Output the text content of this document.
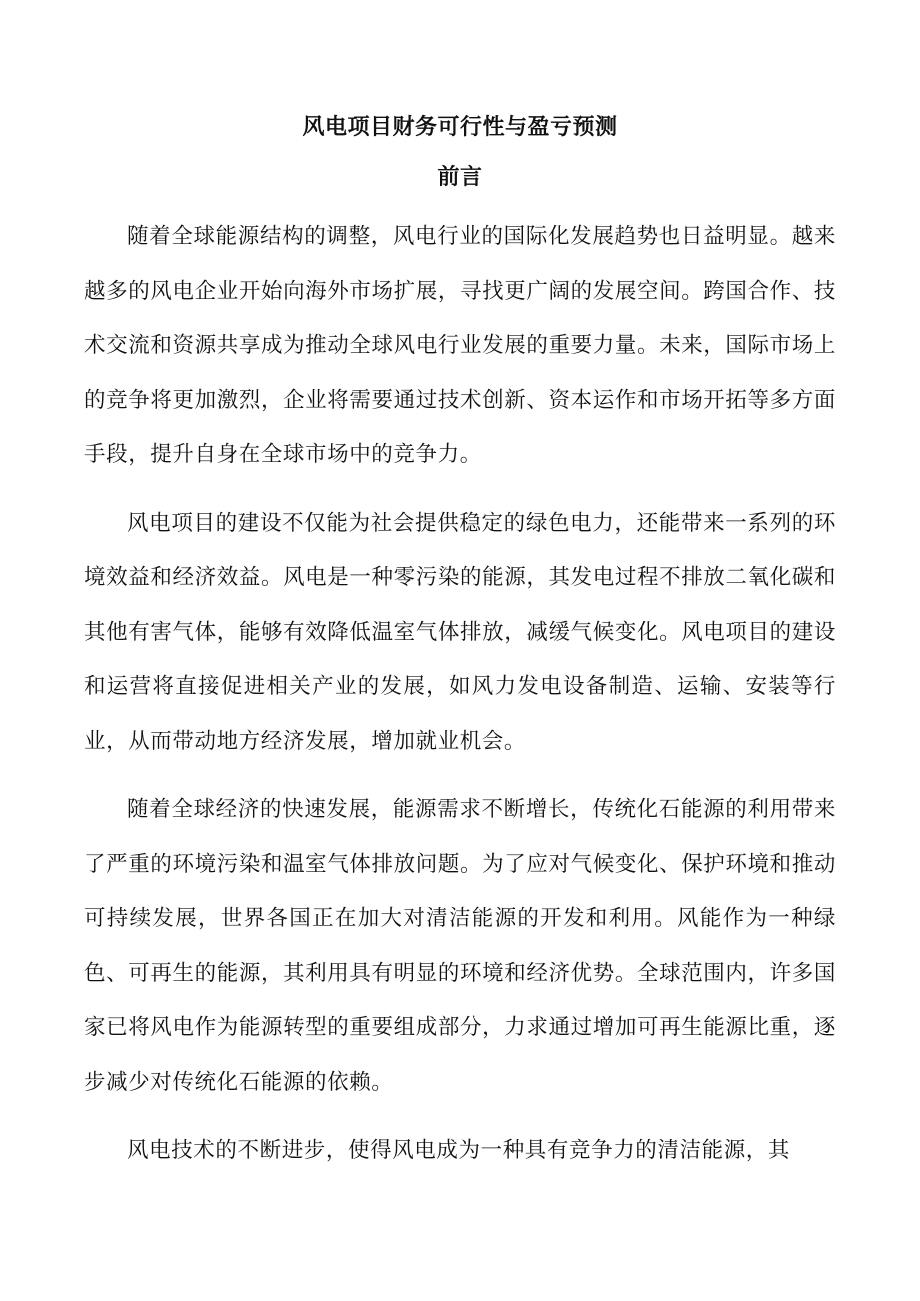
风电项目财务可行性与盈亏预测
前言

随着全球能源结构的调整，风电行业的国际化发展趋势也日益明显。越来越多的风电企业开始向海外市场扩展，寻找更广阔的发展空间。跨国合作、技术交流和资源共享成为推动全球风电行业发展的重要力量。未来，国际市场上的竞争将更加激烈，企业将需要通过技术创新、资本运作和市场开拓等多方面手段，提升自身在全球市场中的竞争力。

风电项目的建设不仅能为社会提供稳定的绿色电力，还能带来一系列的环境效益和经济效益。风电是一种零污染的能源，其发电过程不排放二氧化碳和其他有害气体，能够有效降低温室气体排放，减缓气候变化。风电项目的建设和运营将直接促进相关产业的发展，如风力发电设备制造、运输、安装等行业，从而带动地方经济发展，增加就业机会。

随着全球经济的快速发展，能源需求不断增长，传统化石能源的利用带来了严重的环境污染和温室气体排放问题。为了应对气候变化、保护环境和推动可持续发展，世界各国正在加大对清洁能源的开发和利用。风能作为一种绿色、可再生的能源，其利用具有明显的环境和经济优势。全球范围内，许多国家已将风电作为能源转型的重要组成部分，力求通过增加可再生能源比重，逐步减少对传统化石能源的依赖。

风电技术的不断进步，使得风电成为一种具有竞争力的清洁能源，其
